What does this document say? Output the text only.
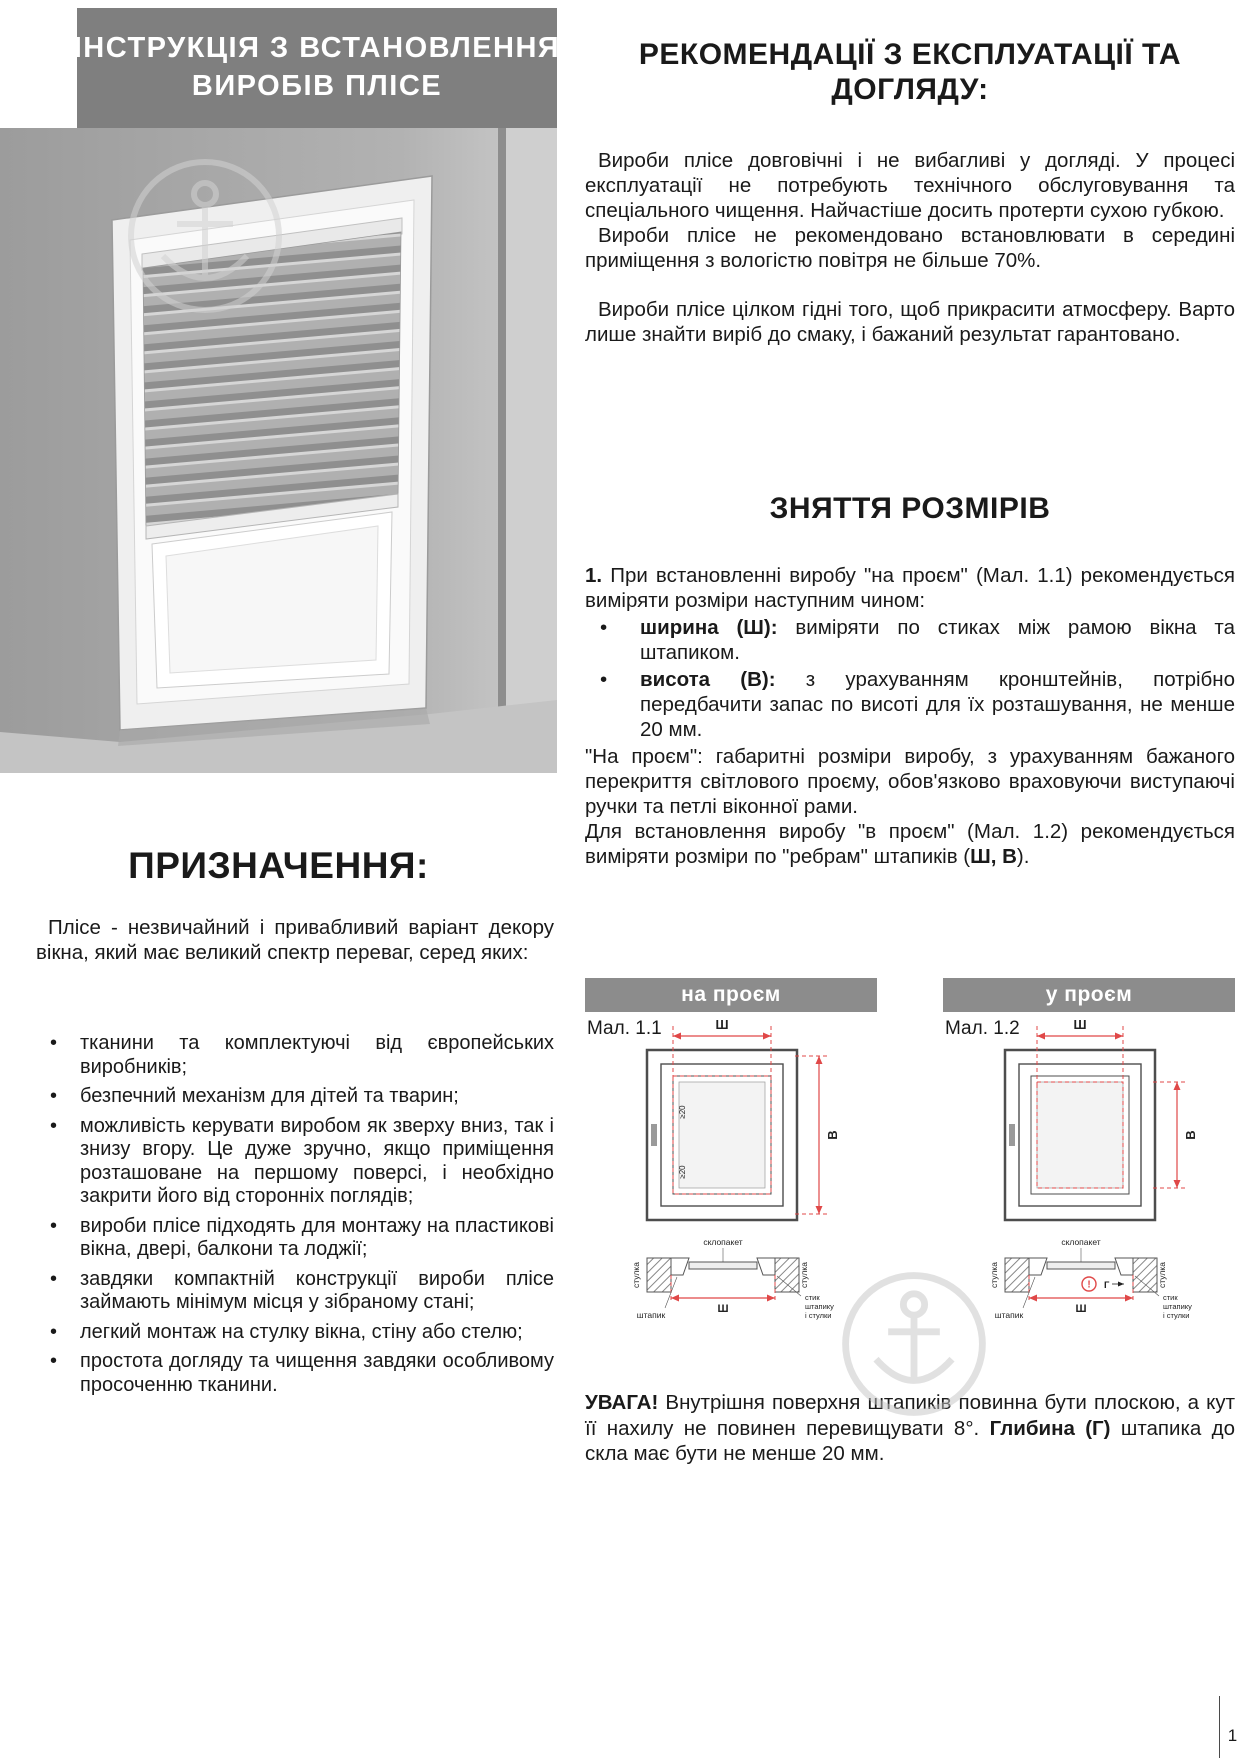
ІНСТРУКЦІЯ З ВСТАНОВЛЕННЯ
ВИРОБІВ ПЛІСЕ
ПРИЗНАЧЕННЯ:

Плісе - незвичайний і привабливий варіант декору вікна, який має великий спектр переваг, серед яких:

• тканини та комплектуючі від європейських виробників;
• безпечний механізм для дітей та тварин;
• можливість керувати виробом як зверху вниз, так і знизу вгору. Це дуже зручно, якщо приміщення розташоване на першому поверсі, і необхідно закрити його від сторонніх поглядів;
• вироби плісе підходять для монтажу на пластикові вікна, двері, балкони та лоджії;
• завдяки компактній конструкції вироби плісе займають мінімум місця у зібраному стані;
• легкий монтаж на стулку вікна, стіну або стелю;
• простота догляду та чищення завдяки особливому просоченню тканини.
РЕКОМЕНДАЦІЇ З ЕКСПЛУАТАЦІЇ ТА ДОГЛЯДУ:

Вироби плісе довговічні і не вибагливі у догляді. У процесі експлуатації не потребують технічного обслуговування та спеціального чищення. Найчастіше досить протерти сухою губкою.

Вироби плісе не рекомендовано встановлювати в середині приміщення з вологістю повітря не більше 70%.

Вироби плісе цілком гідні того, щоб прикрасити атмосферу. Варто лише знайти виріб до смаку, і бажаний результат гарантовано.

ЗНЯТТЯ РОЗМІРІВ

1. При встановленні виробу "на проєм" (Мал. 1.1) рекомендується виміряти розміри наступним чином:

• ширина (Ш): виміряти по стиках між рамою вікна та штапиком.
• висота (В): з урахуванням кронштейнів, потрібно передбачити запас по висоті для їх розташування, не менше 20 мм.

"На проєм": габаритні розміри виробу, з урахуванням бажаного перекриття світлового проєму, обов'язково враховуючи виступаючі ручки та петлі віконної рами.

Для встановлення виробу "в проєм" (Мал. 1.2) рекомендується виміряти розміри по "ребрам" штапиків (Ш, В).

на проєм
Мал. 1.1	Ш
В
≥20
≥20
склопакет
стулка	стулка
Ш
штапик
стик
штапику
і стулки
у проєм
Мал. 1.2	Ш
В
склопакет
стулка	стулка
! Г
Ш
штапик
стик
штапику
і стулки

УВАГА! Внутрішня поверхня штапиків повинна бути плоскою, а кут її нахилу не повинен перевищувати 8°. Глибина (Г) штапика до скла має бути не менше 20 мм.

1
